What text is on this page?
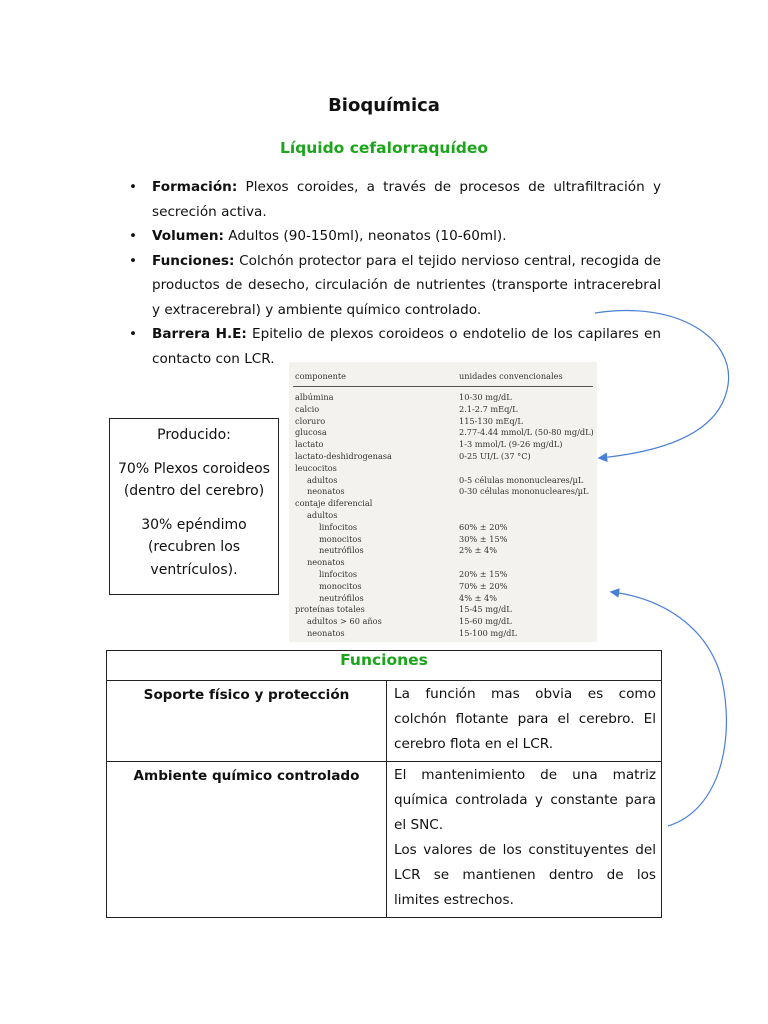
Bioquímica
Líquido cefalorraquídeo
• Formación: Plexos coroides, a través de procesos de ultrafiltración y secreción activa.
• Volumen: Adultos (90-150ml), neonatos (10-60ml).
• Funciones: Colchón protector para el tejido nervioso central, recogida de productos de desecho, circulación de nutrientes (transporte intracerebral y extracerebral) y ambiente químico controlado.
• Barrera H.E: Epitelio de plexos coroideos o endotelio de los capilares en contacto con LCR.
componente	unidades convencionales
albúmina	10-30 mg/dL
calcio	2.1-2.7 mEq/L
cloruro	115-130 mEq/L
glucosa	2.77-4.44 mmol/L (50-80 mg/dL)
lactato	1-3 mmol/L (9-26 mg/dL)
lactato-deshidrogenasa	0-25 UI/L (37 °C)
leucocitos
adultos	0-5 células mononucleares/µL
neonatos	0-30 células mononucleares/µL
contaje diferencial
adultos
linfocitos	60% ± 20%
monocitos	30% ± 15%
neutrófilos	2% ± 4%
neonatos
linfocitos	20% ± 15%
monocitos	70% ± 20%
neutrófilos	4% ± 4%
proteínas totales	15-45 mg/dL
adultos > 60 años	15-60 mg/dL
neonatos	15-100 mg/dL

Producido:

70% Plexos coroideos (dentro del cerebro)

30% epéndimo (recubren los ventrículos).

Funciones	
Soporte físico y protección	La función mas obvia es como colchón flotante para el cerebro. El cerebro flota en el LCR.

Ambiente químico controlado	El mantenimiento de una matriz química controlada y constante para el SNC.
Los valores de los constituyentes del LCR se mantienen dentro de los limites estrechos.
